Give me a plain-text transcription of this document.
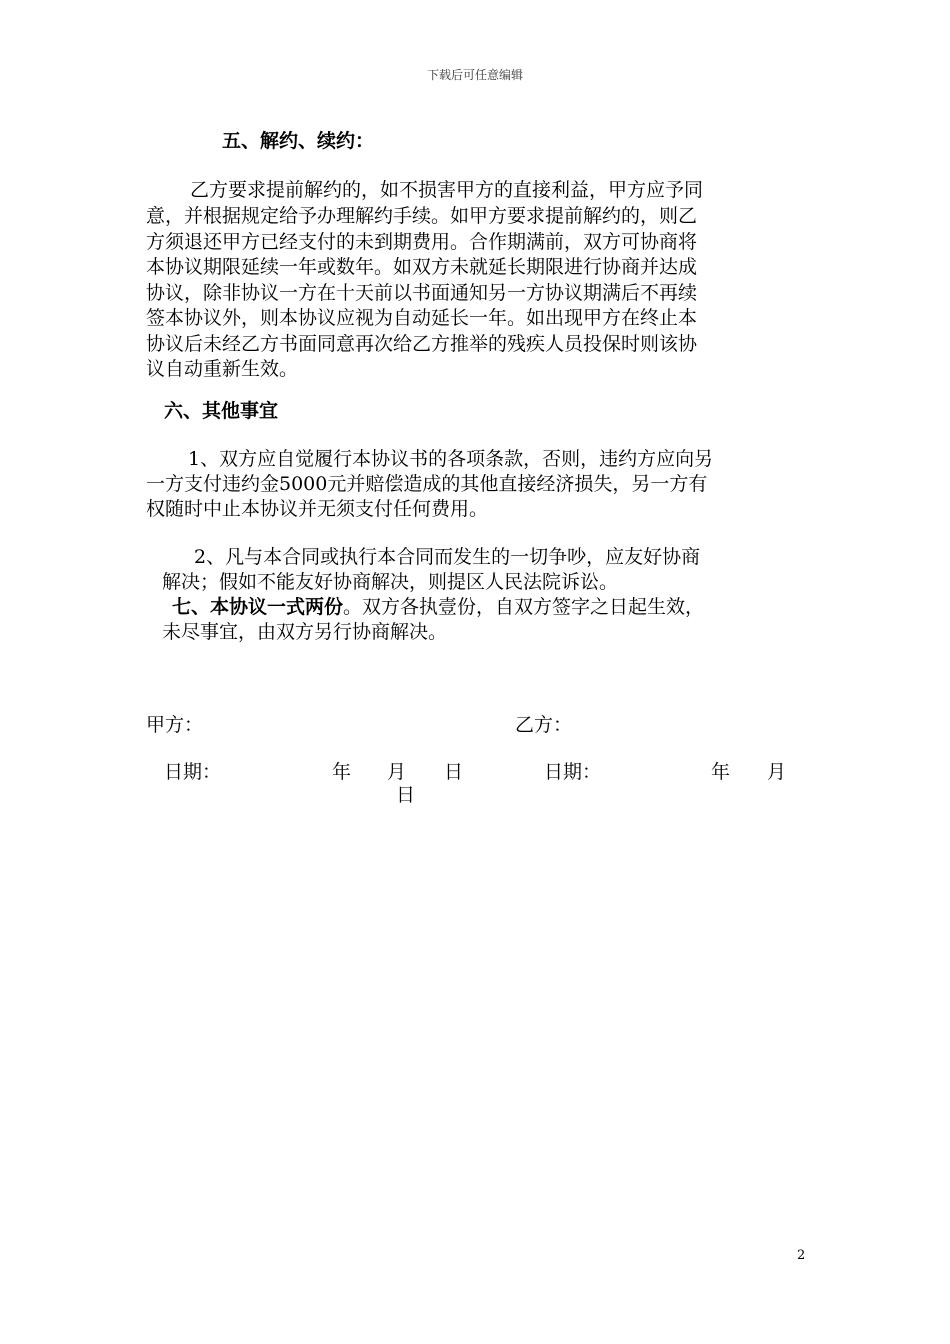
下载后可任意编辑
五、解约、续约：
乙方要求提前解约的，如不损害甲方的直接利益，甲方应予同
意，并根据规定给予办理解约手续。如甲方要求提前解约的，则乙
方须退还甲方已经支付的未到期费用。合作期满前，双方可协商将
本协议期限延续一年或数年。如双方未就延长期限进行协商并达成
协议，除非协议一方在十天前以书面通知另一方协议期满后不再续
签本协议外，则本协议应视为自动延长一年。如出现甲方在终止本
协议后未经乙方书面同意再次给乙方推举的残疾人员投保时则该协
议自动重新生效。
六、其他事宜
1、双方应自觉履行本协议书的各项条款，否则，违约方应向另
一方支付违约金5000元并赔偿造成的其他直接经济损失，另一方有
权随时中止本协议并无须支付任何费用。
2、凡与本合同或执行本合同而发生的一切争吵，应友好协商
解决；假如不能友好协商解决，则提区人民法院诉讼。
七、本协议一式两份。双方各执壹份，自双方签字之日起生效，
未尽事宜，由双方另行协商解决。
甲方：	乙方：
日期：	年 月 日	日期：	年 月
日
2
